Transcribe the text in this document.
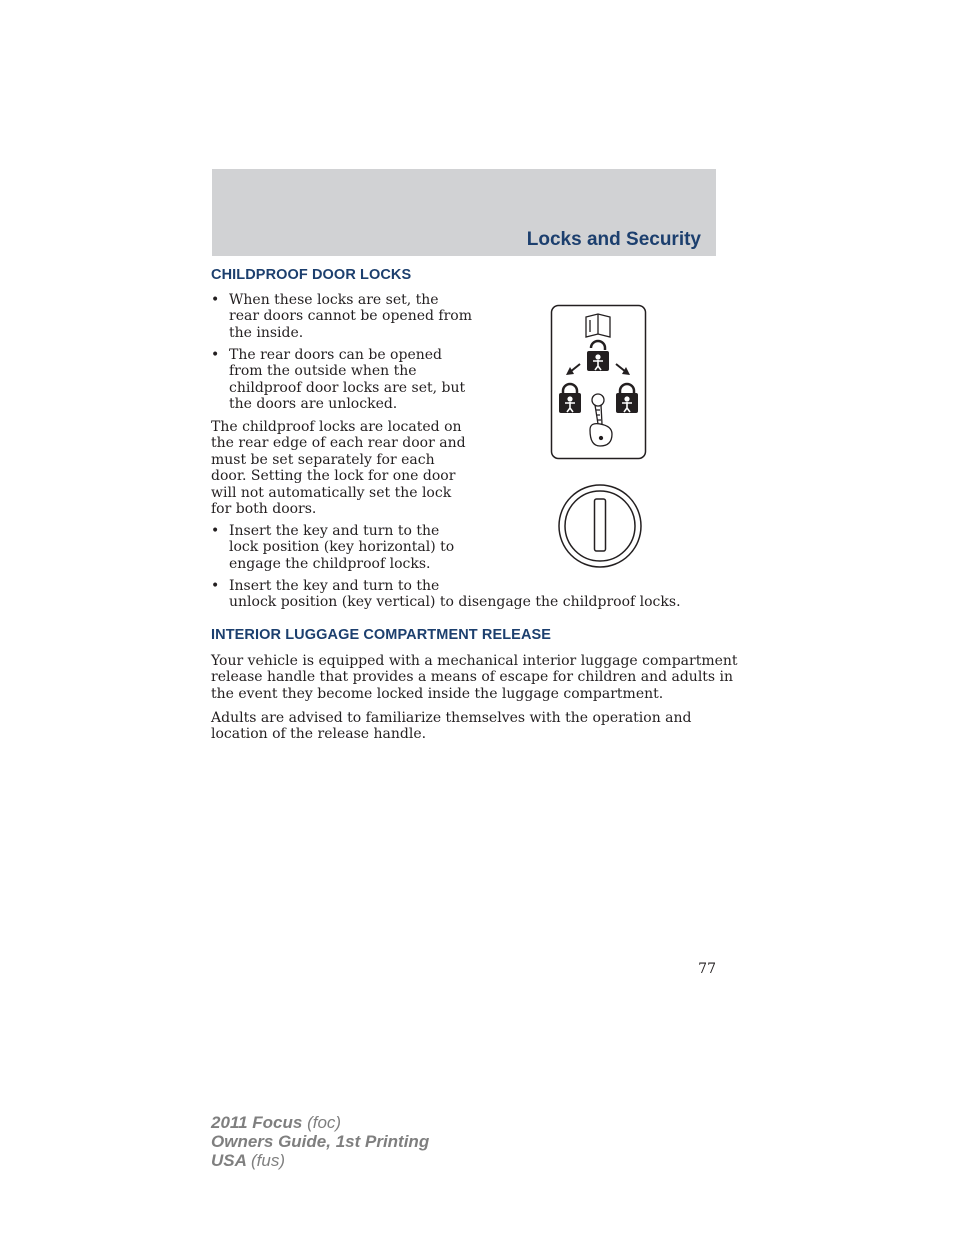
Locks and Security
CHILDPROOF DOOR LOCKS
• When these locks are set, the
rear doors cannot be opened from
the inside.
• The rear doors can be opened
from the outside when the
childproof door locks are set, but
the doors are unlocked.
The childproof locks are located on
the rear edge of each rear door and
must be set separately for each
door. Setting the lock for one door
will not automatically set the lock
for both doors.
• Insert the key and turn to the
lock position (key horizontal) to
engage the childproof locks.
• Insert the key and turn to the
unlock position (key vertical) to disengage the childproof locks.
INTERIOR LUGGAGE COMPARTMENT RELEASE
Your vehicle is equipped with a mechanical interior luggage compartment
release handle that provides a means of escape for children and adults in
the event they become locked inside the luggage compartment.
Adults are advised to familiarize themselves with the operation and
location of the release handle.
77
2011 Focus (foc)
Owners Guide, 1st Printing
USA (fus)
